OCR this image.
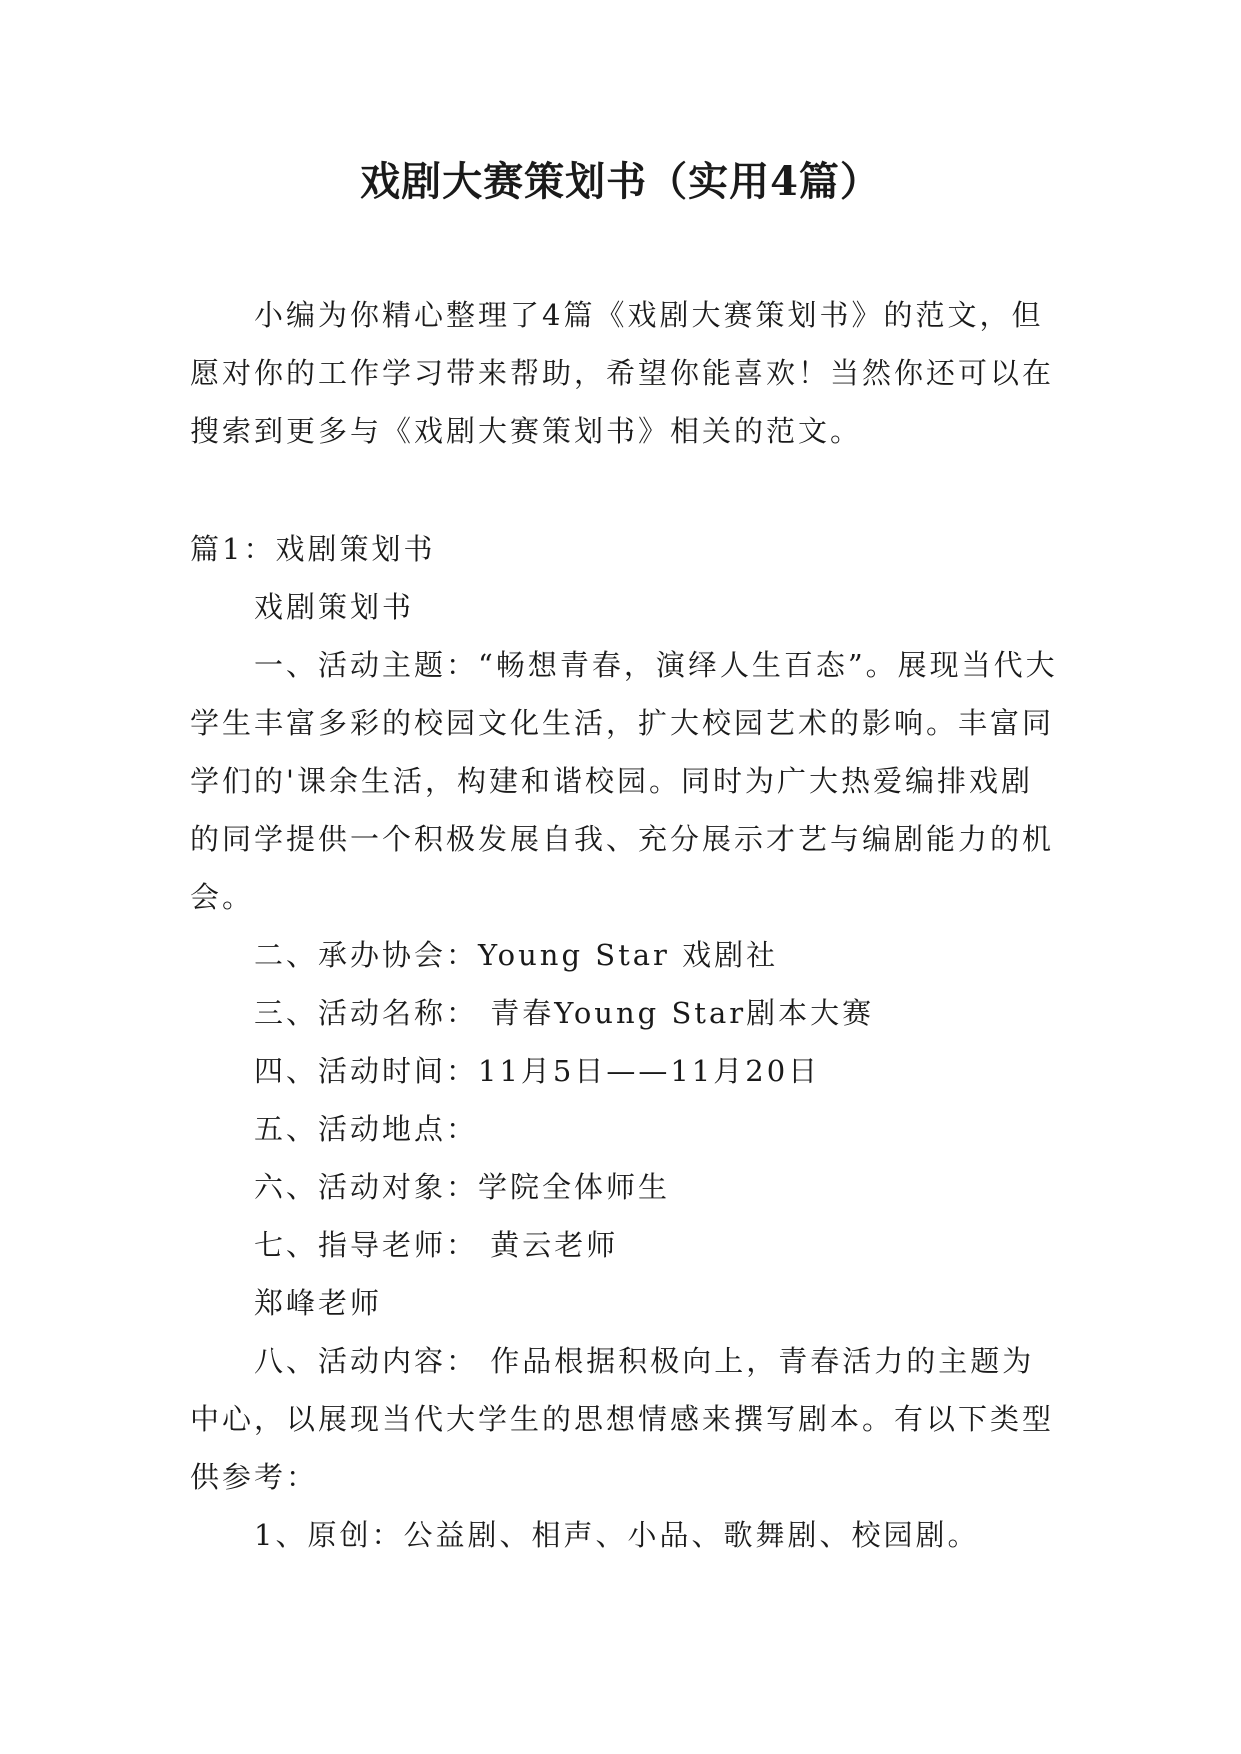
戏剧大赛策划书（实用4篇）

小编为你精心整理了4篇《戏剧大赛策划书》的范文，但愿对你的工作学习带来帮助，希望你能喜欢！当然你还可以在搜索到更多与《戏剧大赛策划书》相关的范文。

篇1：戏剧策划书

戏剧策划书

一、活动主题：“畅想青春，演绎人生百态”。展现当代大学生丰富多彩的校园文化生活，扩大校园艺术的影响。丰富同学们的'课余生活，构建和谐校园。同时为广大热爱编排戏剧的同学提供一个积极发展自我、充分展示才艺与编剧能力的机会。

二、承办协会：Young Star 戏剧社

三、活动名称： 青春Young Star剧本大赛

四、活动时间：11月5日——11月20日

五、活动地点：

六、活动对象：学院全体师生

七、指导老师： 黄云老师

郑峰老师

八、活动内容： 作品根据积极向上，青春活力的主题为中心，以展现当代大学生的思想情感来撰写剧本。有以下类型供参考：

1、原创：公益剧、相声、小品、歌舞剧、校园剧。
